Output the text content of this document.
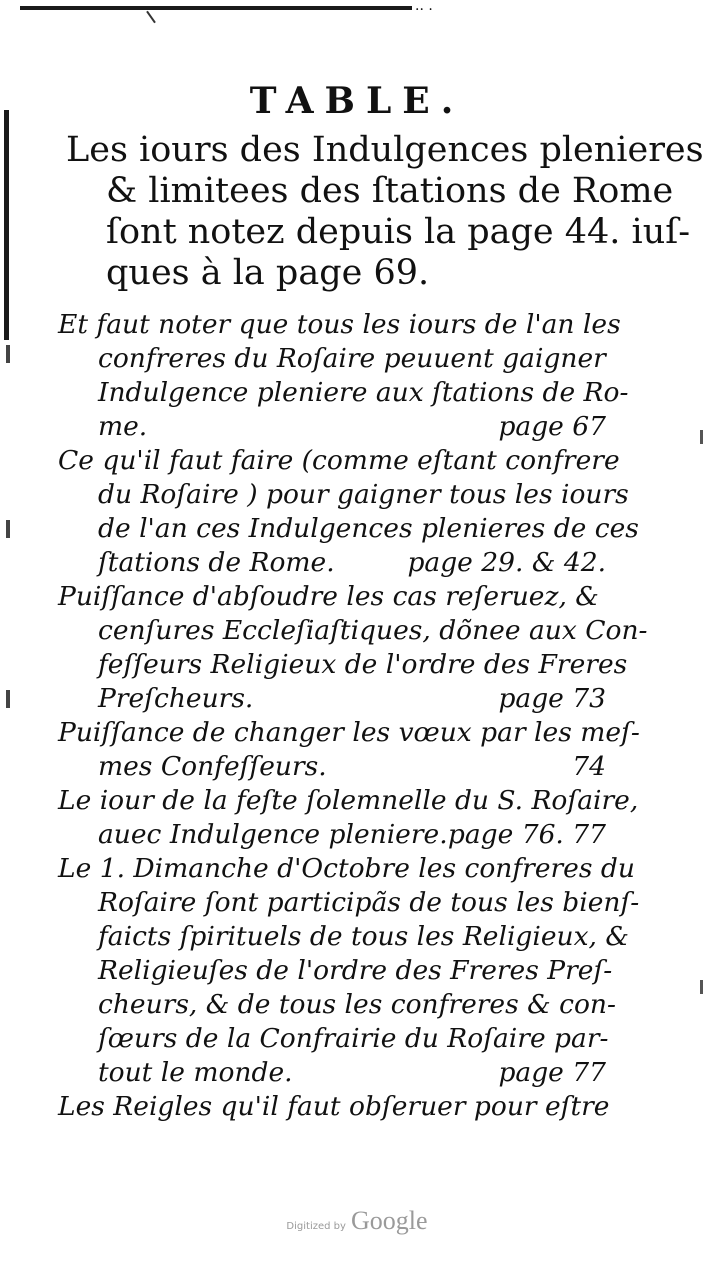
·· ·
TABLE.
Les iours des Indulgences plenieres
& limitees des ſtations de Rome
ſont notez depuis la page 44. iuſ-
ques à la page 69.
Et faut noter que tous les iours de l'an les
confreres du Roſaire peuuent gaigner
Indulgence pleniere aux ſtations de Ro-
me.	page 67
Ce qu'il faut faire (comme eſtant confrere
du Roſaire ) pour gaigner tous les iours
de l'an ces Indulgences plenieres de ces
ſtations de Rome.	page 29. & 42.
Puiſſance d'abſoudre les cas reſeruez, &
cenſures Eccleſiaſtiques, dõnee aux Con-
feſſeurs Religieux de l'ordre des Freres
Preſcheurs.	page 73
Puiſſance de changer les vœux par les meſ-
mes Confeſſeurs.	74
Le iour de la feſte ſolemnelle du S. Roſaire,
auec Indulgence pleniere. page 76. 77
Le 1. Dimanche d'Octobre les confreres du
Roſaire ſont participãs de tous les bienſ-
faicts ſpirituels de tous les Religieux, &
Religieuſes de l'ordre des Freres Preſ-
cheurs, & de tous les confreres & con-
ſœurs de la Confrairie du Roſaire par-
tout le monde.	page 77
Les Reigles qu'il faut obſeruer pour eſtre
Digitized by Google
